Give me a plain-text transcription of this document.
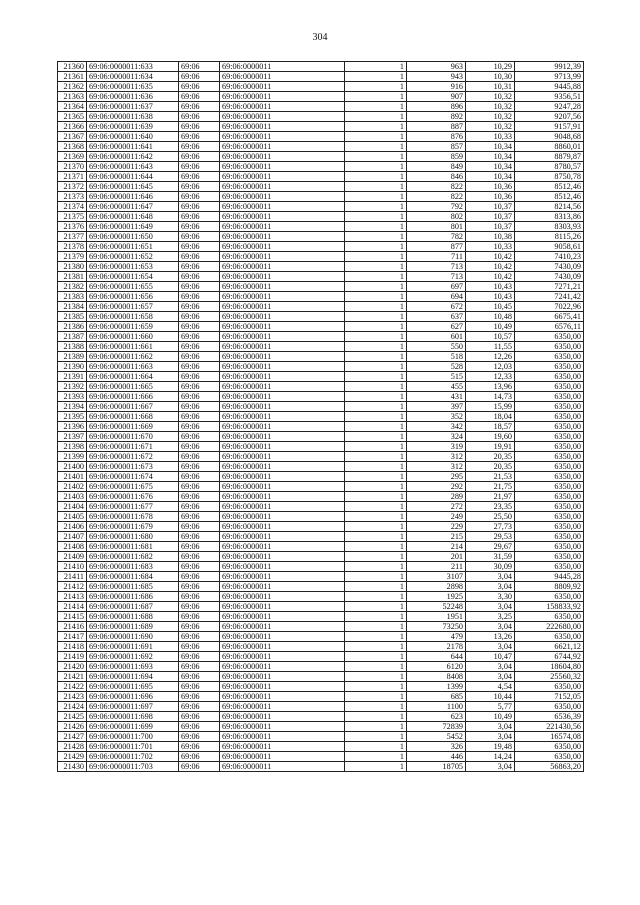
304
21360	69:06:0000011:633	69:06	69:06:0000011	1	963	10,29	9912,39
21361	69:06:0000011:634	69:06	69:06:0000011	1	943	10,30	9713,99
21362	69:06:0000011:635	69:06	69:06:0000011	1	916	10,31	9445,88
21363	69:06:0000011:636	69:06	69:06:0000011	1	907	10,32	9356,51
21364	69:06:0000011:637	69:06	69:06:0000011	1	896	10,32	9247,28
21365	69:06:0000011:638	69:06	69:06:0000011	1	892	10,32	9207,56
21366	69:06:0000011:639	69:06	69:06:0000011	1	887	10,32	9157,91
21367	69:06:0000011:640	69:06	69:06:0000011	1	876	10,33	9048,68
21368	69:06:0000011:641	69:06	69:06:0000011	1	857	10,34	8860,01
21369	69:06:0000011:642	69:06	69:06:0000011	1	859	10,34	8879,87
21370	69:06:0000011:643	69:06	69:06:0000011	1	849	10,34	8780,57
21371	69:06:0000011:644	69:06	69:06:0000011	1	846	10,34	8750,78
21372	69:06:0000011:645	69:06	69:06:0000011	1	822	10,36	8512,46
21373	69:06:0000011:646	69:06	69:06:0000011	1	822	10,36	8512,46
21374	69:06:0000011:647	69:06	69:06:0000011	1	792	10,37	8214,56
21375	69:06:0000011:648	69:06	69:06:0000011	1	802	10,37	8313,86
21376	69:06:0000011:649	69:06	69:06:0000011	1	801	10,37	8303,93
21377	69:06:0000011:650	69:06	69:06:0000011	1	782	10,38	8115,26
21378	69:06:0000011:651	69:06	69:06:0000011	1	877	10,33	9058,61
21379	69:06:0000011:652	69:06	69:06:0000011	1	711	10,42	7410,23
21380	69:06:0000011:653	69:06	69:06:0000011	1	713	10,42	7430,09
21381	69:06:0000011:654	69:06	69:06:0000011	1	713	10,42	7430,09
21382	69:06:0000011:655	69:06	69:06:0000011	1	697	10,43	7271,21
21383	69:06:0000011:656	69:06	69:06:0000011	1	694	10,43	7241,42
21384	69:06:0000011:657	69:06	69:06:0000011	1	672	10,45	7022,96
21385	69:06:0000011:658	69:06	69:06:0000011	1	637	10,48	6675,41
21386	69:06:0000011:659	69:06	69:06:0000011	1	627	10,49	6576,11
21387	69:06:0000011:660	69:06	69:06:0000011	1	601	10,57	6350,00
21388	69:06:0000011:661	69:06	69:06:0000011	1	550	11,55	6350,00
21389	69:06:0000011:662	69:06	69:06:0000011	1	518	12,26	6350,00
21390	69:06:0000011:663	69:06	69:06:0000011	1	528	12,03	6350,00
21391	69:06:0000011:664	69:06	69:06:0000011	1	515	12,33	6350,00
21392	69:06:0000011:665	69:06	69:06:0000011	1	455	13,96	6350,00
21393	69:06:0000011:666	69:06	69:06:0000011	1	431	14,73	6350,00
21394	69:06:0000011:667	69:06	69:06:0000011	1	397	15,99	6350,00
21395	69:06:0000011:668	69:06	69:06:0000011	1	352	18,04	6350,00
21396	69:06:0000011:669	69:06	69:06:0000011	1	342	18,57	6350,00
21397	69:06:0000011:670	69:06	69:06:0000011	1	324	19,60	6350,00
21398	69:06:0000011:671	69:06	69:06:0000011	1	319	19,91	6350,00
21399	69:06:0000011:672	69:06	69:06:0000011	1	312	20,35	6350,00
21400	69:06:0000011:673	69:06	69:06:0000011	1	312	20,35	6350,00
21401	69:06:0000011:674	69:06	69:06:0000011	1	295	21,53	6350,00
21402	69:06:0000011:675	69:06	69:06:0000011	1	292	21,75	6350,00
21403	69:06:0000011:676	69:06	69:06:0000011	1	289	21,97	6350,00
21404	69:06:0000011:677	69:06	69:06:0000011	1	272	23,35	6350,00
21405	69:06:0000011:678	69:06	69:06:0000011	1	249	25,50	6350,00
21406	69:06:0000011:679	69:06	69:06:0000011	1	229	27,73	6350,00
21407	69:06:0000011:680	69:06	69:06:0000011	1	215	29,53	6350,00
21408	69:06:0000011:681	69:06	69:06:0000011	1	214	29,67	6350,00
21409	69:06:0000011:682	69:06	69:06:0000011	1	201	31,59	6350,00
21410	69:06:0000011:683	69:06	69:06:0000011	1	211	30,09	6350,00
21411	69:06:0000011:684	69:06	69:06:0000011	1	3107	3,04	9445,28
21412	69:06:0000011:685	69:06	69:06:0000011	1	2898	3,04	8809,92
21413	69:06:0000011:686	69:06	69:06:0000011	1	1925	3,30	6350,00
21414	69:06:0000011:687	69:06	69:06:0000011	1	52248	3,04	158833,92
21415	69:06:0000011:688	69:06	69:06:0000011	1	1951	3,25	6350,00
21416	69:06:0000011:689	69:06	69:06:0000011	1	73250	3,04	222680,00
21417	69:06:0000011:690	69:06	69:06:0000011	1	479	13,26	6350,00
21418	69:06:0000011:691	69:06	69:06:0000011	1	2178	3,04	6621,12
21419	69:06:0000011:692	69:06	69:06:0000011	1	644	10,47	6744,92
21420	69:06:0000011:693	69:06	69:06:0000011	1	6120	3,04	18604,80
21421	69:06:0000011:694	69:06	69:06:0000011	1	8408	3,04	25560,32
21422	69:06:0000011:695	69:06	69:06:0000011	1	1399	4,54	6350,00
21423	69:06:0000011:696	69:06	69:06:0000011	1	685	10,44	7152,05
21424	69:06:0000011:697	69:06	69:06:0000011	1	1100	5,77	6350,00
21425	69:06:0000011:698	69:06	69:06:0000011	1	623	10,49	6536,39
21426	69:06:0000011:699	69:06	69:06:0000011	1	72839	3,04	221430,56
21427	69:06:0000011:700	69:06	69:06:0000011	1	5452	3,04	16574,08
21428	69:06:0000011:701	69:06	69:06:0000011	1	326	19,48	6350,00
21429	69:06:0000011:702	69:06	69:06:0000011	1	446	14,24	6350,00
21430	69:06:0000011:703	69:06	69:06:0000011	1	18705	3,04	56863,20
